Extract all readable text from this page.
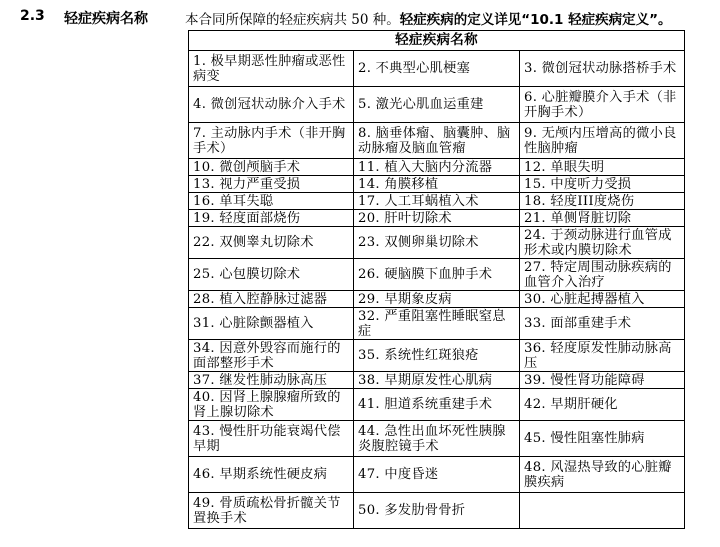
2.3 轻症疾病名称	本合同所保障的轻症疾病共 50 种。轻症疾病的定义详见“10.1 轻症疾病定义”。
轻症疾病名称		
1. 极早期恶性肿瘤或恶性病变	2. 不典型心肌梗塞	3. 微创冠状动脉搭桥手术
4. 微创冠状动脉介入手术	5. 激光心肌血运重建	6. 心脏瓣膜介入手术（非开胸手术）
7. 主动脉内手术（非开胸手术）	8. 脑垂体瘤、脑囊肿、脑动脉瘤及脑血管瘤	9. 无颅内压增高的微小良性脑肿瘤
10. 微创颅脑手术	11. 植入大脑内分流器	12. 单眼失明
13. 视力严重受损	14. 角膜移植	15. 中度听力受损
16. 单耳失聪	17. 人工耳蜗植入术	18. 轻度III度烧伤
19. 轻度面部烧伤	20. 肝叶切除术	21. 单侧肾脏切除
22. 双侧睾丸切除术	23. 双侧卵巢切除术	24. 于颈动脉进行血管成形术或内膜切除术
25. 心包膜切除术	26. 硬脑膜下血肿手术	27. 特定周围动脉疾病的血管介入治疗
28. 植入腔静脉过滤器	29. 早期象皮病	30. 心脏起搏器植入
31. 心脏除颤器植入	32. 严重阻塞性睡眠窒息症	33. 面部重建手术
34. 因意外毁容而施行的面部整形手术	35. 系统性红斑狼疮	36. 轻度原发性肺动脉高压
37. 继发性肺动脉高压	38. 早期原发性心肌病	39. 慢性肾功能障碍
40. 因肾上腺腺瘤所致的肾上腺切除术	41. 胆道系统重建手术	42. 早期肝硬化
43. 慢性肝功能衰竭代偿早期	44. 急性出血坏死性胰腺炎腹腔镜手术	45. 慢性阻塞性肺病
46. 早期系统性硬皮病	47. 中度昏迷	48. 风湿热导致的心脏瓣膜疾病
49. 骨质疏松骨折髋关节置换手术	50. 多发肋骨骨折	
